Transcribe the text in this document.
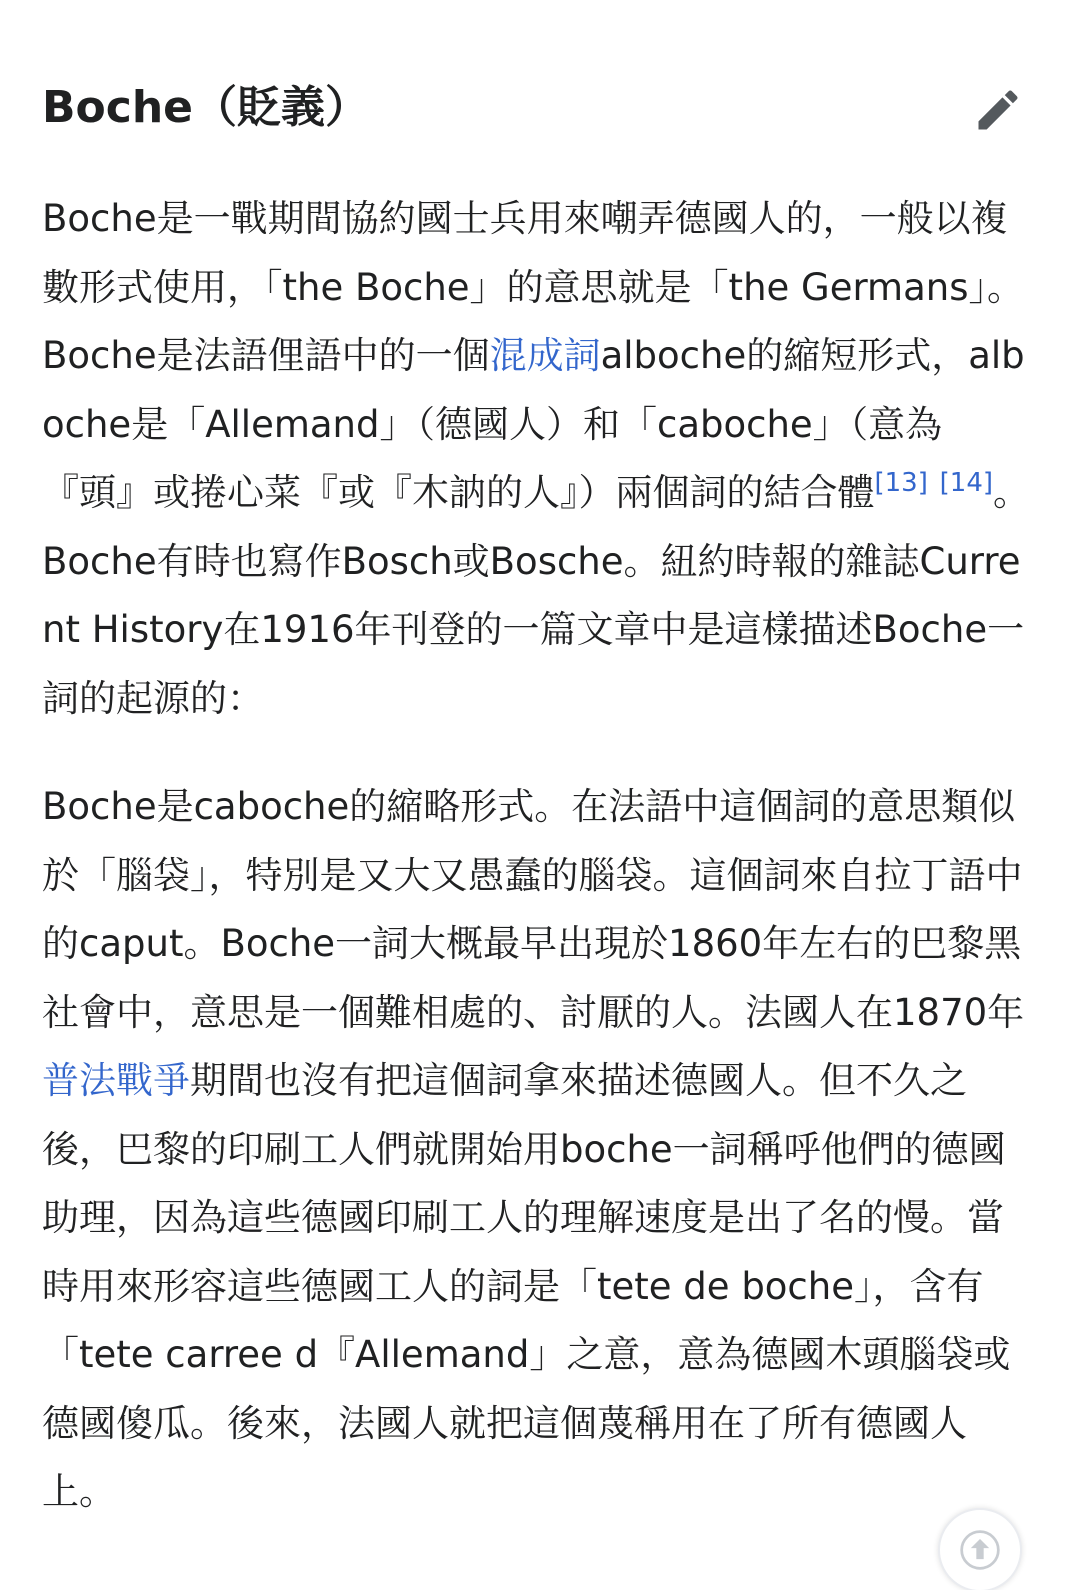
Boche（貶義）

Boche是一戰期間協約國士兵用來嘲弄德國人的，一般以複數形式使用，「the Boche」的意思就是「the Germans」。Boche是法語俚語中的一個混成詞alboche的縮短形式，alboche是「Allemand」（德國人）和「caboche」（意為『頭』或捲心菜『或『木訥的人』）兩個詞的結合體[13] [14]。Boche有時也寫作Bosch或Bosche。紐約時報的雜誌Current History在1916年刊登的一篇文章中是這樣描述Boche一詞的起源的：

Boche是caboche的縮略形式。在法語中這個詞的意思類似於「腦袋」，特別是又大又愚蠢的腦袋。這個詞來自拉丁語中的caput。Boche一詞大概最早出現於1860年左右的巴黎黑社會中，意思是一個難相處的、討厭的人。法國人在1870年普法戰爭期間也沒有把這個詞拿來描述德國人。但不久之後，巴黎的印刷工人們就開始用boche一詞稱呼他們的德國助理，因為這些德國印刷工人的理解速度是出了名的慢。當時用來形容這些德國工人的詞是「tete de boche」，含有「tete carree d『Allemand」之意，意為德國木頭腦袋或德國傻瓜。後來，法國人就把這個蔑稱用在了所有德國人上。
